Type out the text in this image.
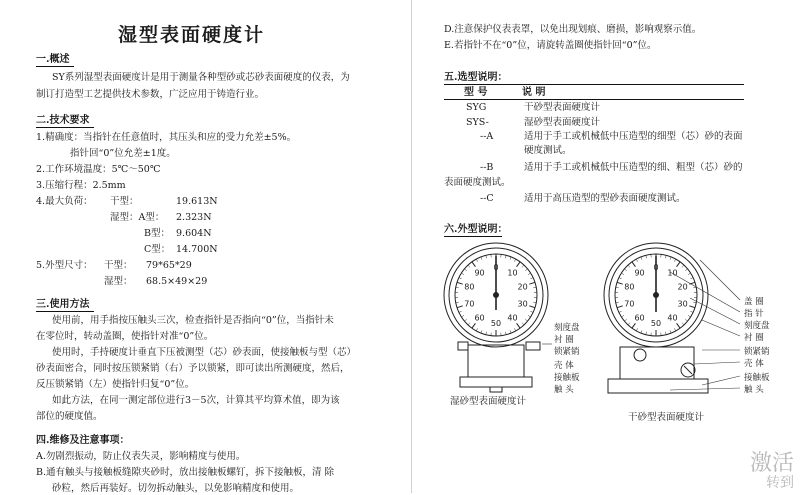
湿型表面硬度计
一.概述
SY系列湿型表面硬度计是用于测量各种型砂或芯砂表面硬度的仪表，为
制订打造型工艺提供技术参数，广泛应用于铸造行业。
二.技术要求
1.精确度：当指针在任意值时，其压头和应的受力允差±5%。
指针回“0”位允差±1度。
2.工作环境温度：5℃～50℃
3.压缩行程：2.5mm
4.最大负荷： 干型：	19.613N
湿型：A型： 2.323N
B型： 9.604N
C型： 14.700N
5.外型尺寸： 干型： 79*65*29
湿型： 68.5×49×29
三.使用方法
使用前，用手指按压触头三次，检查指针是否指向“0”位，当指针未
在零位时，转动盖圈，使指针对准“0”位。
使用时，手持硬度计垂直下压被测型（芯）砂表面，使接触板与型（芯）
砂表面密合，同时按压锁紧销（右）予以锁紧，即可读出所测硬度，然后，
反压锁紧销（左）使指针归复“0”位。
如此方法，在同一测定部位进行3－5次，计算其平均算术值，即为该
部位的硬度值。
四.维修及注意事项：
A.勿剧烈振动，防止仪表失灵，影响精度与使用。
B.通有触头与接触板缝隙夹砂时，放出接触板螺钉，拆下接触板，清 除
砂粒，然后再装好。切勿拆动触头，以免影响精度和使用。
D.注意保护仪表表罩，以免出现划痕、磨损，影响观察示值。
E.若指针不在“0”位，请旋转盖圈使指针回“0”位。
五.选型说明：
型 号	说 明
SYG	干砂型表面硬度计
SYS-	湿砂型表面硬度计
--A	适用于手工或机械低中压造型的细型（芯）砂的表面
硬度测试。
--B	适用于手工或机械低中压造型的细、粗型（芯）砂的
表面硬度测试。
--C	适用于高压造型的型砂表面硬度测试。
六.外型说明：
0
10
20
30
40
50
60
70
80
90
0
10
20
30
40
50
60
70
80
90
盖 圈
指 针
刻度盘
衬 圈
锁紧销
壳 体
接触板
触 头
刻度盘
衬 圈
锁紧销
壳 体
接触板
触 头
湿砂型表面硬度计
干砂型表面硬度计
激活
转到
